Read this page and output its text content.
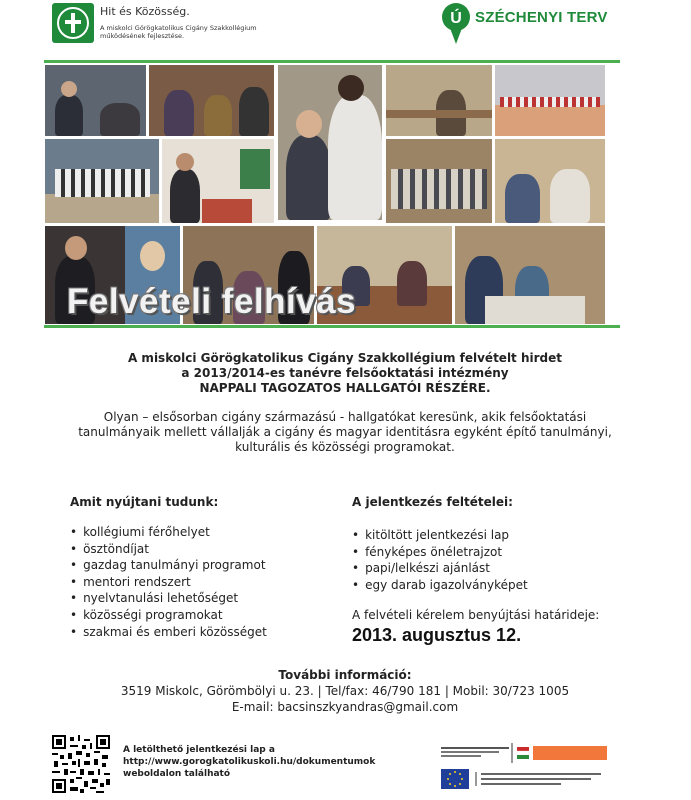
Hit és Közösség.
A miskolci Görögkatolikus Cigány Szakkollégium működésének fejlesztése.
Ú SZÉCHENYI TERV
Felvételi felhívás
A miskolci Görögkatolikus Cigány Szakkollégium felvételt hirdet
a 2013/2014-es tanévre felsőoktatási intézmény
NAPPALI TAGOZATOS HALLGATÓI RÉSZÉRE.
Olyan – elsősorban cigány származású - hallgatókat keresünk, akik felsőoktatási
tanulmányaik mellett vállalják a cigány és magyar identitásra egyként építő tanulmányi,
kulturális és közösségi programokat.
Amit nyújtani tudunk:
• kollégiumi férőhelyet
• ösztöndíjat
• gazdag tanulmányi programot
• mentori rendszert
• nyelvtanulási lehetőséget
• közösségi programokat
• szakmai és emberi közösséget
A jelentkezés feltételei:
• kitöltött jelentkezési lap
• fényképes önéletrajzot
• papi/lelkészi ajánlást
• egy darab igazolványképet
A felvételi kérelem benyújtási határideje:
2013. augusztus 12.
További információ:
3519 Miskolc, Görömbölyi u. 23. | Tel/fax: 46/790 181 | Mobil: 30/723 1005
E-mail: bacsinszkyandras@gmail.com
A letölthető jelentkezési lap a
http://www.gorogkatolikuskoli.hu/dokumentumok
weboldalon található
